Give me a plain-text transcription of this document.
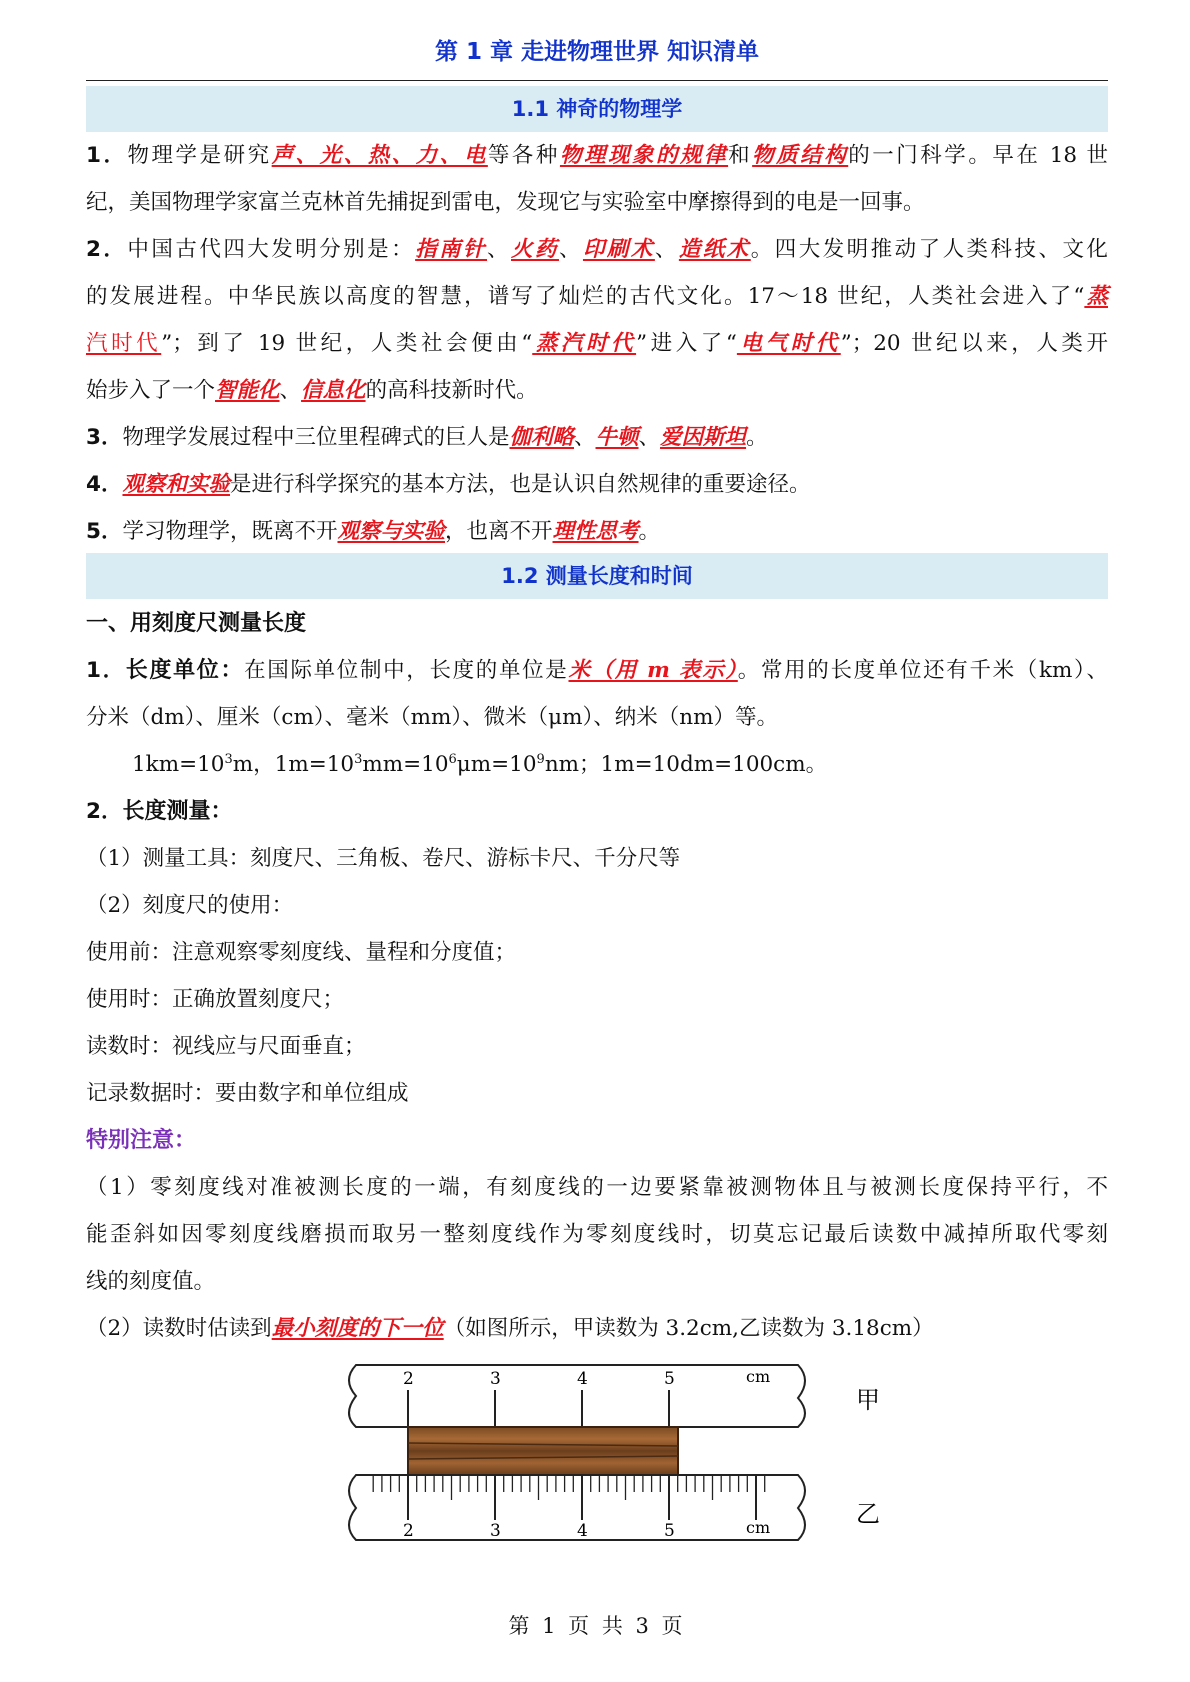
第 1 章 走进物理世界 知识清单
1.1 神奇的物理学
1．物理学是研究声、光、热、力、电等各种物理现象的规律和物质结构的一门科学。早在 18 世
纪，美国物理学家富兰克林首先捕捉到雷电，发现它与实验室中摩擦得到的电是一回事。
2．中国古代四大发明分别是：指南针、火药、印刷术、造纸术。四大发明推动了人类科技、文化
的发展进程。中华民族以高度的智慧，谱写了灿烂的古代文化。17～18 世纪，人类社会进入了“蒸
汽时代”；到了 19 世纪，人类社会便由“蒸汽时代”进入了“电气时代”；20 世纪以来，人类开
始步入了一个智能化、信息化的高科技新时代。
3．物理学发展过程中三位里程碑式的巨人是伽利略、牛顿、爱因斯坦。
4．观察和实验是进行科学探究的基本方法，也是认识自然规律的重要途径。
5．学习物理学，既离不开观察与实验，也离不开理性思考。
1.2 测量长度和时间
一、用刻度尺测量长度
1．长度单位：在国际单位制中，长度的单位是米（用 m 表示）。常用的长度单位还有千米（km）、
分米（dm）、厘米（cm）、毫米（mm）、微米（μm）、纳米（nm）等。
$1km=10^3m$，$1m=10^3mm=10^6\mu m=10^9nm$；1m=10dm=100cm。
2．长度测量：
（1）测量工具：刻度尺、三角板、卷尺、游标卡尺、千分尺等
（2）刻度尺的使用：
使用前：注意观察零刻度线、量程和分度值；
使用时：正确放置刻度尺；
读数时：视线应与尺面垂直；
记录数据时：要由数字和单位组成
特别注意：
（1）零刻度线对准被测长度的一端，有刻度线的一边要紧靠被测物体且与被测长度保持平行，不
能歪斜如因零刻度线磨损而取另一整刻度线作为零刻度线时，切莫忘记最后读数中减掉所取代零刻
线的刻度值。
（2）读数时估读到最小刻度的下一位（如图所示，甲读数为 3.2cm,乙读数为 3.18cm）
2	3	4	5	cm
甲
2	3	4	5	cm	乙
第 1 页 共 3 页
